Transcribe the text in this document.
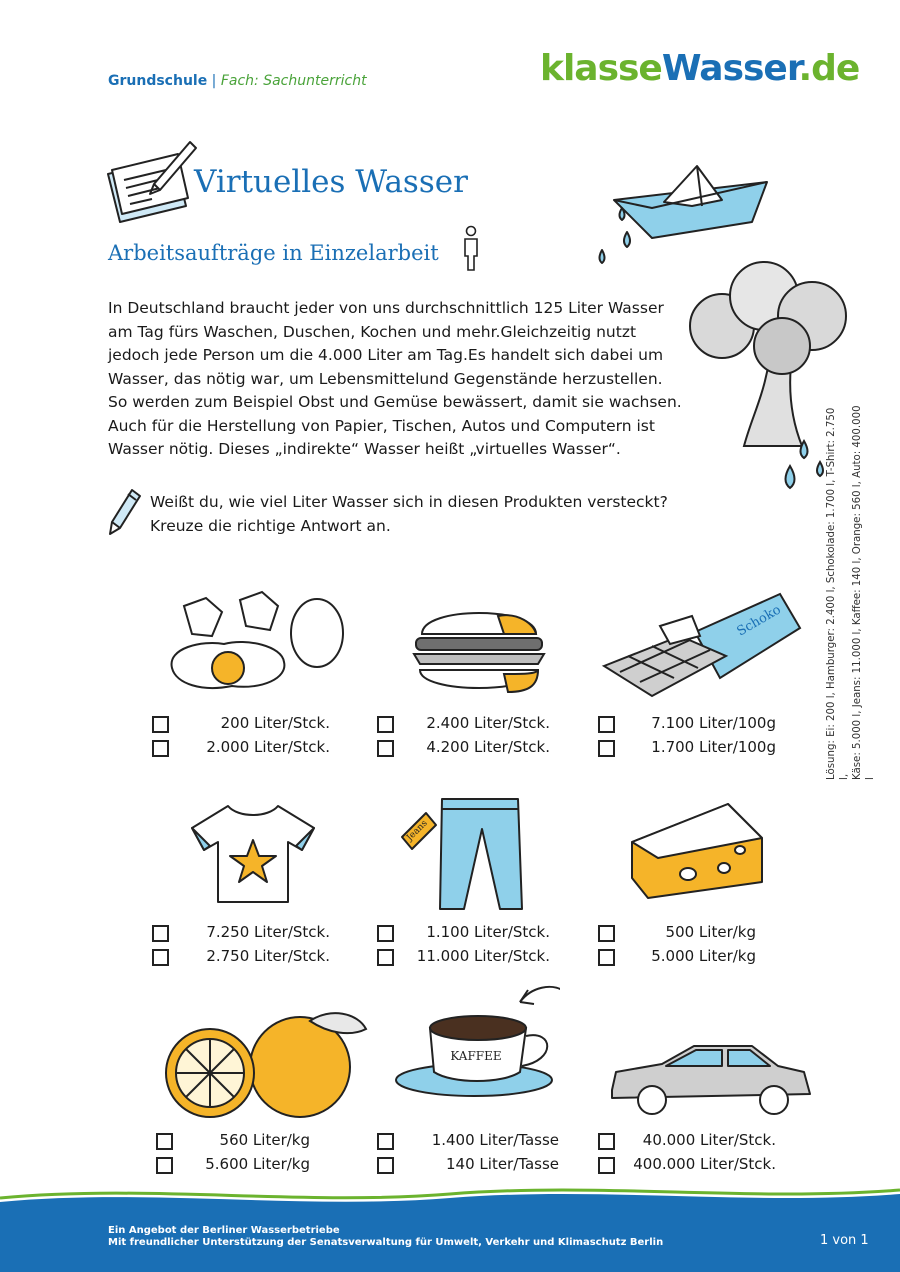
Grundschule | Fach: Sachunterricht	klasseWasser.de
Virtuelles Wasser
Arbeitsaufträge in Einzelarbeit
In Deutschland braucht jeder von uns durchschnittlich 125 Liter Wasser
am Tag fürs Waschen, Duschen, Kochen und mehr.Gleichzeitig nutzt
jedoch jede Person um die 4.000 Liter am Tag.Es handelt sich dabei um
Wasser, das nötig war, um Lebensmittelund Gegenstände herzustellen.
So werden zum Beispiel Obst und Gemüse bewässert, damit sie wachsen.
Auch für die Herstellung von Papier, Tischen, Autos und Computern ist
Wasser nötig. Dieses „indirekte“ Wasser heißt „virtuelles Wasser“.
Weißt du, wie viel Liter Wasser sich in diesen Produkten versteckt?
Kreuze die richtige Antwort an.
Schoko
200 Liter/Stck.
2.000 Liter/Stck.
2.400 Liter/Stck.
4.200 Liter/Stck.
7.100 Liter/100g
1.700 Liter/100g
Jeans
7.250 Liter/Stck.
2.750 Liter/Stck.
1.100 Liter/Stck.
11.000 Liter/Stck.
500 Liter/kg
5.000 Liter/kg
KAFFEE
560 Liter/kg
5.600 Liter/kg
1.400 Liter/Tasse
140 Liter/Tasse
40.000 Liter/Stck.
400.000 Liter/Stck.
Lösung: Ei: 200 l, Hamburger: 2.400 l, Schokolade: 1.700 l, T-Shirt: 2.750 l, Käse: 5.000 l, Jeans: 11.000 l, Kaffee: 140 l, Orange: 560 l, Auto: 400.000 l
Ein Angebot der Berliner Wasserbetriebe
Mit freundlicher Unterstützung der Senatsverwaltung für Umwelt, Verkehr und Klimaschutz Berlin	1 von 1
